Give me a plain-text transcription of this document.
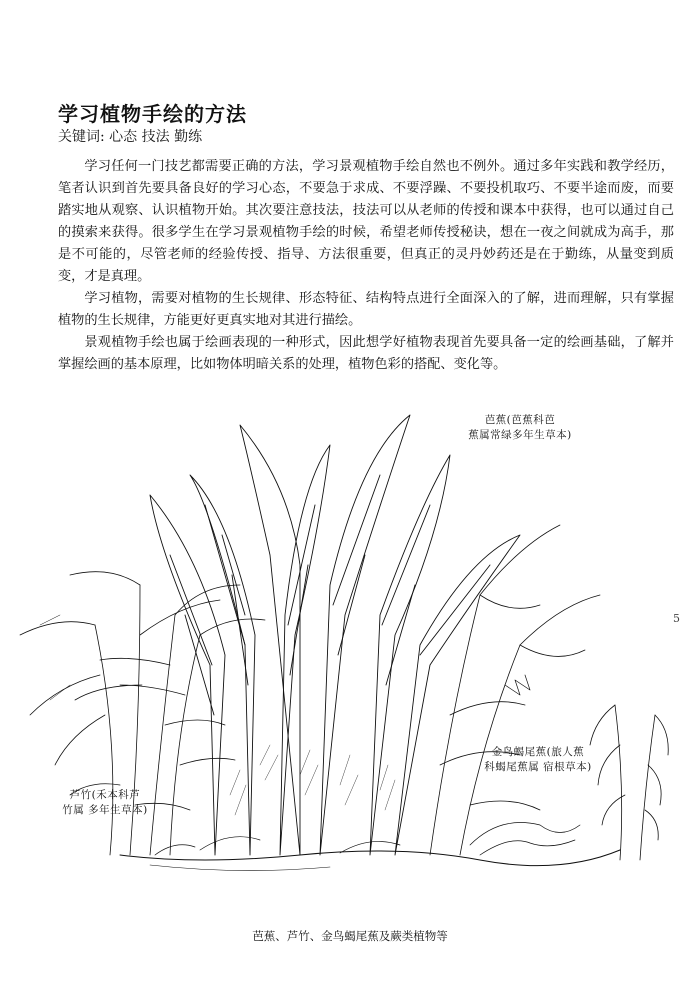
学习植物手绘的方法
关键词: 心态 技法 勤练

学习任何一门技艺都需要正确的方法，学习景观植物手绘自然也不例外。通过多年实践和教学经历，笔者认识到首先要具备良好的学习心态，不要急于求成、不要浮躁、不要投机取巧、不要半途而废，而要踏实地从观察、认识植物开始。其次要注意技法，技法可以从老师的传授和课本中获得，也可以通过自己的摸索来获得。很多学生在学习景观植物手绘的时候，希望老师传授秘诀，想在一夜之间就成为高手，那是不可能的，尽管老师的经验传授、指导、方法很重要，但真正的灵丹妙药还是在于勤练，从量变到质变，才是真理。

学习植物，需要对植物的生长规律、形态特征、结构特点进行全面深入的了解，进而理解，只有掌握植物的生长规律，方能更好更真实地对其进行描绘。

景观植物手绘也属于绘画表现的一种形式，因此想学好植物表现首先要具备一定的绘画基础，了解并掌握绘画的基本原理，比如物体明暗关系的处理，植物色彩的搭配、变化等。

芭蕉(芭蕉科芭
蕉属常绿多年生草本)
金鸟蝎尾蕉(旅人蕉
科蝎尾蕉属 宿根草本)
芦竹(禾本科芦
竹属 多年生草本)
5
芭蕉、芦竹、金鸟蝎尾蕉及蕨类植物等
